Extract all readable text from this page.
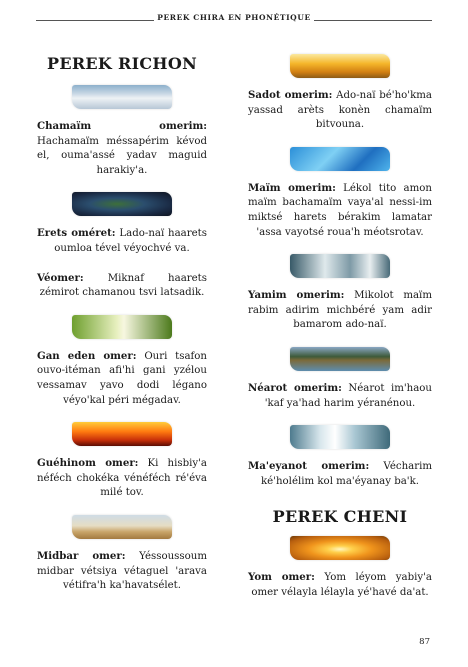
PEREK CHIRA EN PHONÉTIQUE
PEREK RICHON

Chamaïm omerim: Hachamaïm méssapérim kévod el, ouma'assé yadav maguid harakiy'a.

Erets oméret: Lado-naï haarets oumloa tével véyochvé va.

Véomer: Miknaf haarets zémirot chamanou tsvi latsadik.

Gan eden omer: Ouri tsafon ouvo-itéman afi'hi gani yzélou vessamav yavo dodi légano véyo'kal péri mégadav.

Guéhinom omer: Ki hisbiy'a néféch chokéka vénéféch ré'éva milé tov.

Midbar omer: Yéssoussoum midbar vétsiya vétaguel 'arava vétifra'h ka'havatsélet.

Sadot omerim: Ado-naï bé'ho'kma yassad arèts konèn chamaïm bitvouna.

Maïm omerim: Lékol tito amon maïm bachamaïm vaya'al nessi-im miktsé harets bérakim lamatar 'assa vayotsé roua'h méotsrotav.

Yamim omerim: Mikolot maïm rabim adirim michbéré yam adir bamarom ado-naï.

Néarot omerim: Néarot im'haou 'kaf ya'had harim yéranénou.

Ma'eyanot omerim: Vécharim ké'holélim kol ma'éyanay ba'k.

PEREK CHENI

Yom omer: Yom léyom yabiy'a omer vélayla lélayla yé'havé da'at.

87
